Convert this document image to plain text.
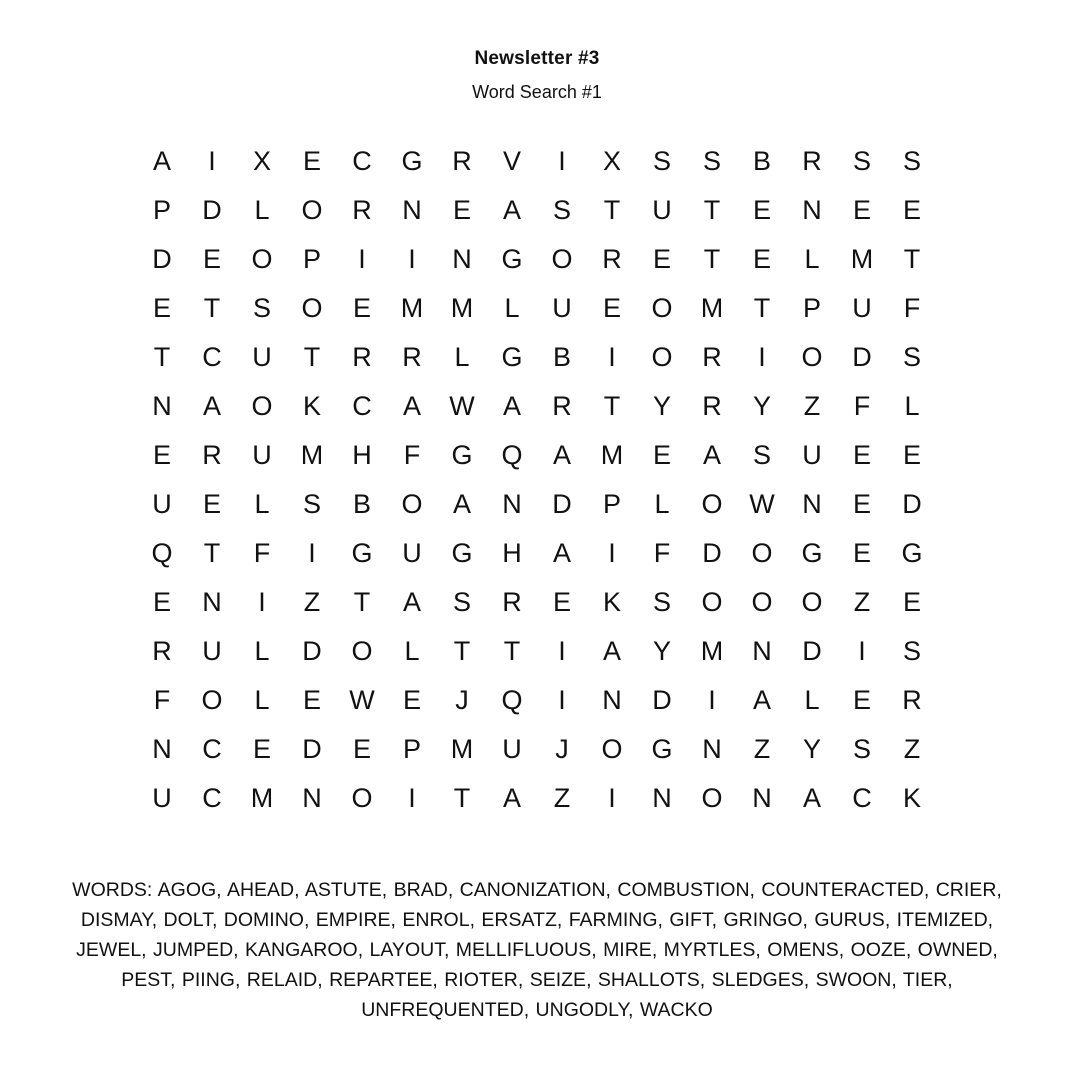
Newsletter #3
Word Search #1
A	I	X	E	C	G	R	V	I	X	S	S	B	R	S	S
P	D	L	O	R	N	E	A	S	T	U	T	E	N	E	E
D	E	O	P	I	I	N	G	O	R	E	T	E	L	M	T
E	T	S	O	E	M	M	L	U	E	O	M	T	P	U	F
T	C	U	T	R	R	L	G	B	I	O	R	I	O	D	S
N	A	O	K	C	A	W	A	R	T	Y	R	Y	Z	F	L
E	R	U	M	H	F	G	Q	A	M	E	A	S	U	E	E
U	E	L	S	B	O	A	N	D	P	L	O	W	N	E	D
Q	T	F	I	G	U	G	H	A	I	F	D	O	G	E	G
E	N	I	Z	T	A	S	R	E	K	S	O	O	O	Z	E
R	U	L	D	O	L	T	T	I	A	Y	M	N	D	I	S
F	O	L	E	W	E	J	Q	I	N	D	I	A	L	E	R
N	C	E	D	E	P	M	U	J	O	G	N	Z	Y	S	Z
U	C	M	N	O	I	T	A	Z	I	N	O	N	A	C	K
WORDS: AGOG, AHEAD, ASTUTE, BRAD, CANONIZATION, COMBUSTION, COUNTERACTED, CRIER, DISMAY, DOLT, DOMINO, EMPIRE, ENROL, ERSATZ, FARMING, GIFT, GRINGO, GURUS, ITEMIZED, JEWEL, JUMPED, KANGAROO, LAYOUT, MELLIFLUOUS, MIRE, MYRTLES, OMENS, OOZE, OWNED, PEST, PIING, RELAID, REPARTEE, RIOTER, SEIZE, SHALLOTS, SLEDGES, SWOON, TIER, UNFREQUENTED, UNGODLY, WACKO
